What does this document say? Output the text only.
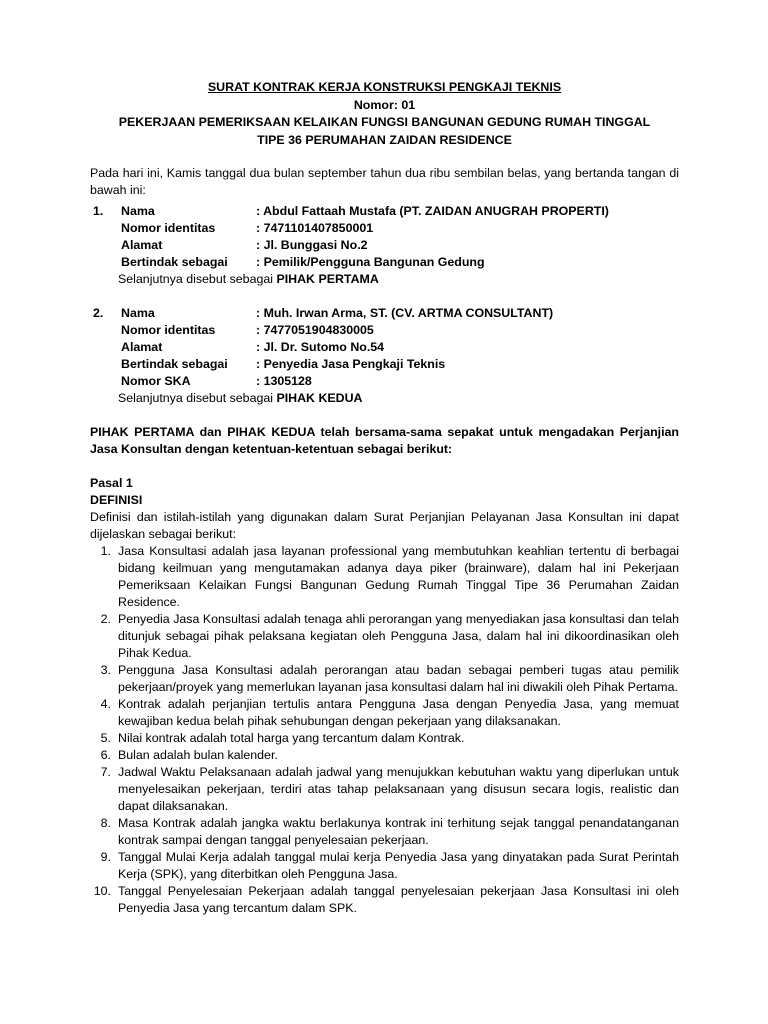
SURAT KONTRAK KERJA KONSTRUKSI PENGKAJI TEKNIS
Nomor: 01
PEKERJAAN PEMERIKSAAN KELAIKAN FUNGSI BANGUNAN GEDUNG RUMAH TINGGAL
TIPE 36 PERUMAHAN ZAIDAN RESIDENCE

Pada hari ini, Kamis tanggal dua bulan september tahun dua ribu sembilan belas, yang bertanda tangan di bawah ini:

1.	Nama	: Abdul Fattaah Mustafa (PT. ZAIDAN ANUGRAH PROPERTI)
Nomor identitas	: 7471101407850001
Alamat	: Jl. Bunggasi No.2
Bertindak sebagai	: Pemilik/Pengguna Bangunan Gedung
Selanjutnya disebut sebagai PIHAK PERTAMA
2.	Nama	: Muh. Irwan Arma, ST. (CV. ARTMA CONSULTANT)
Nomor identitas	: 7477051904830005
Alamat	: Jl. Dr. Sutomo No.54
Bertindak sebagai	: Penyedia Jasa Pengkaji Teknis
Nomor SKA	: 1305128
Selanjutnya disebut sebagai PIHAK KEDUA

PIHAK PERTAMA dan PIHAK KEDUA telah bersama-sama sepakat untuk mengadakan Perjanjian Jasa Konsultan dengan ketentuan-ketentuan sebagai berikut:

Pasal 1
DEFINISI

Definisi dan istilah-istilah yang digunakan dalam Surat Perjanjian Pelayanan Jasa Konsultan ini dapat dijelaskan sebagai berikut:

1. Jasa Konsultasi adalah jasa layanan professional yang membutuhkan keahlian tertentu di berbagai bidang keilmuan yang mengutamakan adanya daya piker (brainware), dalam hal ini Pekerjaan Pemeriksaan Kelaikan Fungsi Bangunan Gedung Rumah Tinggal Tipe 36 Perumahan Zaidan Residence.
2. Penyedia Jasa Konsultasi adalah tenaga ahli perorangan yang menyediakan jasa konsultasi dan telah ditunjuk sebagai pihak pelaksana kegiatan oleh Pengguna Jasa, dalam hal ini dikoordinasikan oleh Pihak Kedua.
3. Pengguna Jasa Konsultasi adalah perorangan atau badan sebagai pemberi tugas atau pemilik pekerjaan/proyek yang memerlukan layanan jasa konsultasi dalam hal ini diwakili oleh Pihak Pertama.
4. Kontrak adalah perjanjian tertulis antara Pengguna Jasa dengan Penyedia Jasa, yang memuat kewajiban kedua belah pihak sehubungan dengan pekerjaan yang dilaksanakan.
5. Nilai kontrak adalah total harga yang tercantum dalam Kontrak.
6. Bulan adalah bulan kalender.
7. Jadwal Waktu Pelaksanaan adalah jadwal yang menujukkan kebutuhan waktu yang diperlukan untuk menyelesaikan pekerjaan, terdiri atas tahap pelaksanaan yang disusun secara logis, realistic dan dapat dilaksanakan.
8. Masa Kontrak adalah jangka waktu berlakunya kontrak ini terhitung sejak tanggal penandatanganan kontrak sampai dengan tanggal penyelesaian pekerjaan.
9. Tanggal Mulai Kerja adalah tanggal mulai kerja Penyedia Jasa yang dinyatakan pada Surat Perintah Kerja (SPK), yang diterbitkan oleh Pengguna Jasa.
10. Tanggal Penyelesaian Pekerjaan adalah tanggal penyelesaian pekerjaan Jasa Konsultasi ini oleh Penyedia Jasa yang tercantum dalam SPK.
